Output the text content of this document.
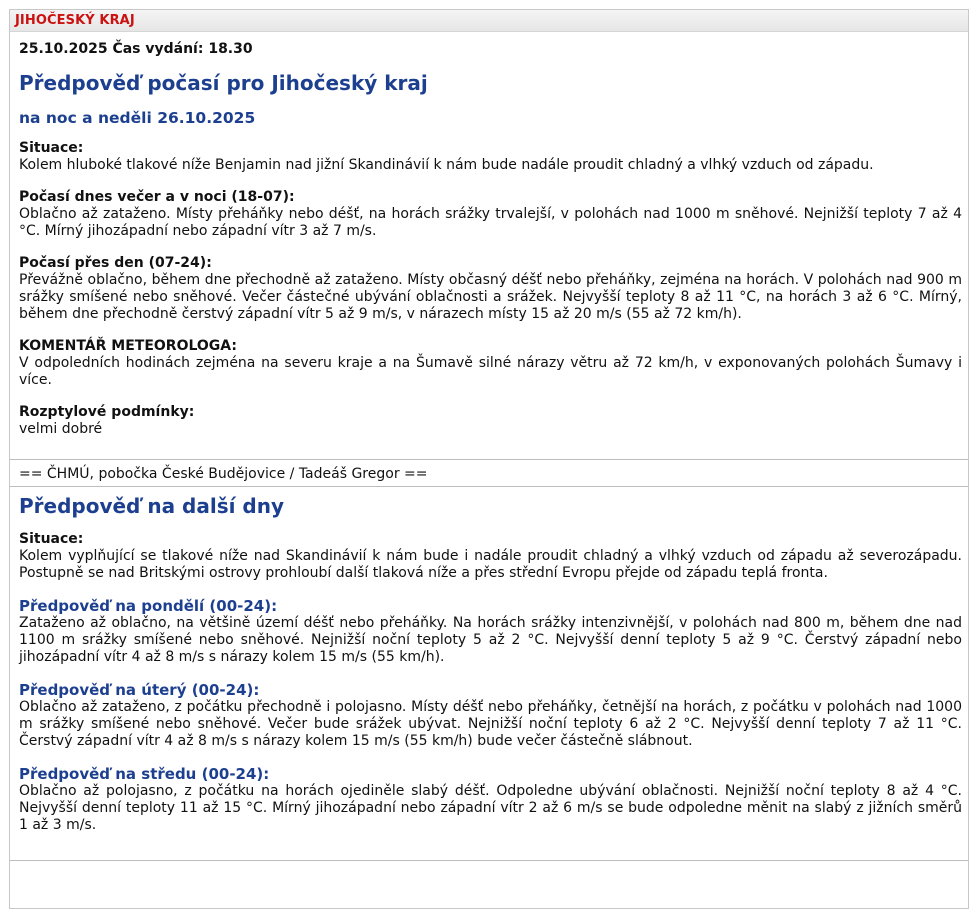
JIHOČESKÝ KRAJ
25.10.2025 Čas vydání: 18.30
Předpověď počasí pro Jihočeský kraj
na noc a neděli 26.10.2025
Situace:
Kolem hluboké tlakové níže Benjamin nad jižní Skandinávií k nám bude nadále proudit chladný a vlhký vzduch od západu.
Počasí dnes večer a v noci (18-07):
Oblačno až zataženo. Místy přeháňky nebo déšť, na horách srážky trvalejší, v polohách nad 1000 m sněhové. Nejnižší teploty 7 až 4 °C. Mírný jihozápadní nebo západní vítr 3 až 7 m/s.
Počasí přes den (07-24):
Převážně oblačno, během dne přechodně až zataženo. Místy občasný déšť nebo přeháňky, zejména na horách. V polohách nad 900 m srážky smíšené nebo sněhové. Večer částečné ubývání oblačnosti a srážek. Nejvyšší teploty 8 až 11 °C, na horách 3 až 6 °C. Mírný, během dne přechodně čerstvý západní vítr 5 až 9 m/s, v nárazech místy 15 až 20 m/s (55 až 72 km/h).
KOMENTÁŘ METEOROLOGA:
V odpoledních hodinách zejména na severu kraje a na Šumavě silné nárazy větru až 72 km/h, v exponovaných polohách Šumavy i více.
Rozptylové podmínky:
velmi dobré
== ČHMÚ, pobočka České Budějovice / Tadeáš Gregor ==
Předpověď na další dny
Situace:
Kolem vyplňující se tlakové níže nad Skandinávií k nám bude i nadále proudit chladný a vlhký vzduch od západu až severozápadu. Postupně se nad Britskými ostrovy prohloubí další tlaková níže a přes střední Evropu přejde od západu teplá fronta.
Předpověď na pondělí (00-24):
Zataženo až oblačno, na většině území déšť nebo přeháňky. Na horách srážky intenzivnější, v polohách nad 800 m, během dne nad 1100 m srážky smíšené nebo sněhové. Nejnižší noční teploty 5 až 2 °C. Nejvyšší denní teploty 5 až 9 °C. Čerstvý západní nebo jihozápadní vítr 4 až 8 m/s s nárazy kolem 15 m/s (55 km/h).
Předpověď na úterý (00-24):
Oblačno až zataženo, z počátku přechodně i polojasno. Místy déšť nebo přeháňky, četnější na horách, z počátku v polohách nad 1000 m srážky smíšené nebo sněhové. Večer bude srážek ubývat. Nejnižší noční teploty 6 až 2 °C. Nejvyšší denní teploty 7 až 11 °C. Čerstvý západní vítr 4 až 8 m/s s nárazy kolem 15 m/s (55 km/h) bude večer částečně slábnout.
Předpověď na středu (00-24):
Oblačno až polojasno, z počátku na horách ojediněle slabý déšť. Odpoledne ubývání oblačnosti. Nejnižší noční teploty 8 až 4 °C. Nejvyšší denní teploty 11 až 15 °C. Mírný jihozápadní nebo západní vítr 2 až 6 m/s se bude odpoledne měnit na slabý z jižních směrů 1 až 3 m/s.
